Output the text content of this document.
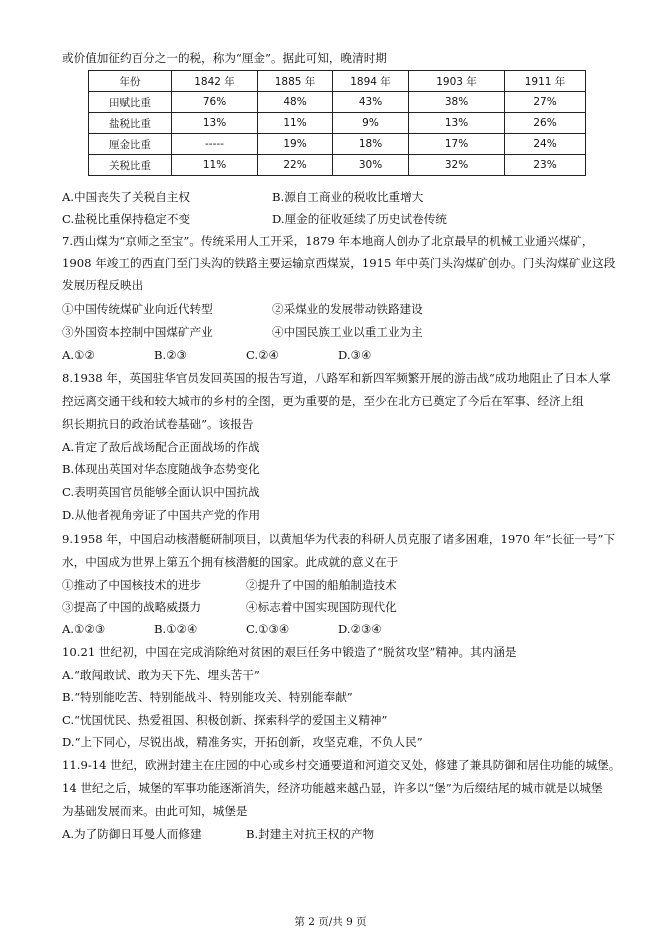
或价值加征约百分之一的税，称为“厘金”。据此可知，晚清时期
年份	1842 年	1885 年	1894 年	1903 年	1911 年
田赋比重	76%	48%	43%	38%	27%
盐税比重	13%	11%	9%	13%	26%
厘金比重	-----	19%	18%	17%	24%
关税比重	11%	22%	30%	32%	23%
A.中国丧失了关税自主权	B.源自工商业的税收比重增大
C.盐税比重保持稳定不变	D.厘金的征收延续了历史试卷传统
7.西山煤为“京师之至宝”。传统采用人工开采，1879 年本地商人创办了北京最早的机械工业通兴煤矿，
1908 年竣工的西直门至门头沟的铁路主要运输京西煤炭，1915 年中英门头沟煤矿创办。门头沟煤矿业这段
发展历程反映出
①中国传统煤矿业向近代转型	②采煤业的发展带动铁路建设
③外国资本控制中国煤矿产业	④中国民族工业以重工业为主
A.①②	B.②③	C.②④	D.③④
8.1938 年，英国驻华官员发回英国的报告写道，八路军和新四军频繁开展的游击战“成功地阻止了日本人掌
控远离交通干线和较大城市的乡村的全图，更为重要的是，至少在北方已奠定了今后在军事、经济上组
织长期抗日的政治试卷基础”。该报告
A.肯定了敌后战场配合正面战场的作战
B.体现出英国对华态度随战争态势变化
C.表明英国官员能够全面认识中国抗战
D.从他者视角旁证了中国共产党的作用
9.1958 年，中国启动核潜艇研制项目，以黄旭华为代表的科研人员克服了诸多困难，1970 年“长征一号”下
水，中国成为世界上第五个拥有核潜艇的国家。此成就的意义在于
①推动了中国核技术的进步	②提升了中国的船舶制造技术
③提高了中国的战略威摄力	④标志着中国实现国防现代化
A.①②③	B.①②④	C.①③④	D.②③④
10.21 世纪初，中国在完成消除绝对贫困的艰巨任务中锻造了“脱贫攻坚”精神。其内涵是
A.“敢闯敢试、敢为天下先、埋头苦干”
B.“特别能吃苦、特别能战斗、特别能攻关、特别能奉献”
C.“忧国忧民、热爱祖国、积极创新、探索科学的爱国主义精神”
D.“上下同心，尽锐出战，精准务实，开拓创新，攻坚克难，不负人民”
11.9-14 世纪，欧洲封建主在庄园的中心或乡村交通要道和河道交叉处，修建了兼具防御和居住功能的城堡。
14 世纪之后，城堡的军事功能逐渐消失，经济功能越来越凸显，许多以“堡”为后缀结尾的城市就是以城堡
为基础发展而来。由此可知，城堡是
A.为了防御日耳曼人而修建	B.封建主对抗王权的产物
第 2 页/共 9 页
